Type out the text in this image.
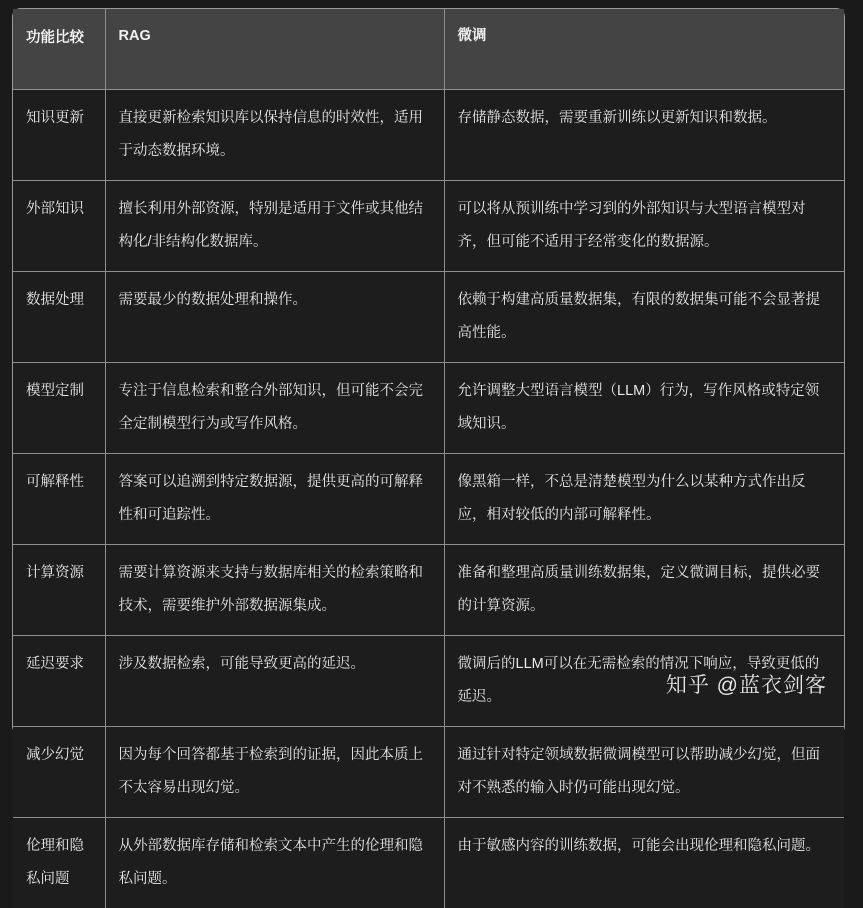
功能比较	RAG	微调
知识更新	直接更新检索知识库以保持信息的时效性，适用于动态数据环境。	存储静态数据，需要重新训练以更新知识和数据。
外部知识	擅长利用外部资源，特别是适用于文件或其他结构化/非结构化数据库。	可以将从预训练中学习到的外部知识与大型语言模型对齐，但可能不适用于经常变化的数据源。
数据处理	需要最少的数据处理和操作。	依赖于构建高质量数据集，有限的数据集可能不会显著提高性能。
模型定制	专注于信息检索和整合外部知识，但可能不会完全定制模型行为或写作风格。	允许调整大型语言模型（LLM）行为，写作风格或特定领域知识。
可解释性	答案可以追溯到特定数据源，提供更高的可解释性和可追踪性。	像黑箱一样，不总是清楚模型为什么以某种方式作出反应，相对较低的内部可解释性。
计算资源	需要计算资源来支持与数据库相关的检索策略和技术，需要维护外部数据源集成。	准备和整理高质量训练数据集，定义微调目标，提供必要的计算资源。
延迟要求	涉及数据检索，可能导致更高的延迟。	微调后的LLM可以在无需检索的情况下响应，导致更低的延迟。
减少幻觉	因为每个回答都基于检索到的证据，因此本质上不太容易出现幻觉。	通过针对特定领域数据微调模型可以帮助减少幻觉，但面对不熟悉的输入时仍可能出现幻觉。
伦理和隐私问题	从外部数据库存储和检索文本中产生的伦理和隐私问题。	由于敏感内容的训练数据，可能会出现伦理和隐私问题。
知乎 @蓝衣剑客
